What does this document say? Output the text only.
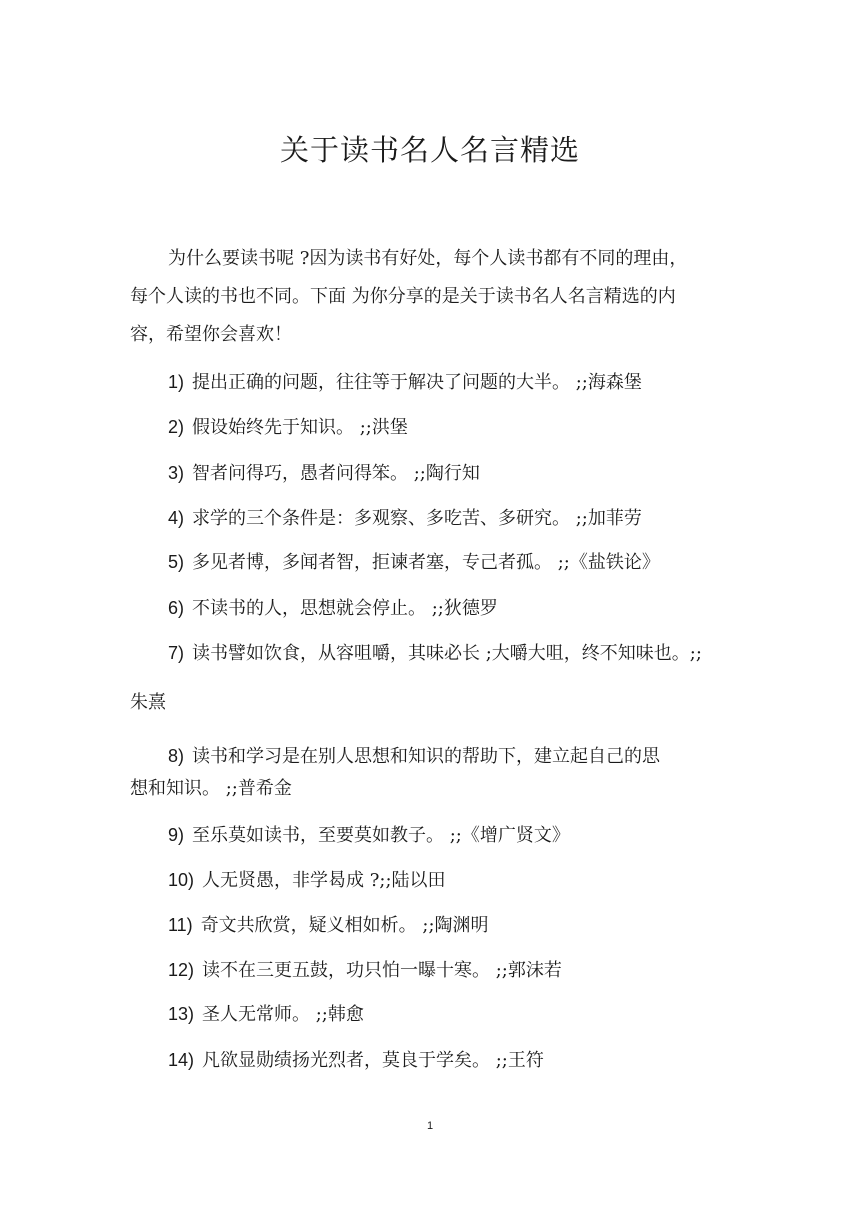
关于读书名人名言精选
为什么要读书呢 ?因为读书有好处，每个人读书都有不同的理由，
每个人读的书也不同。下面 为你分享的是关于读书名人名言精选的内
容，希望你会喜欢！
1) 提出正确的问题，往往等于解决了问题的大半。 ;;海森堡
2) 假设始终先于知识。 ;;洪堡
3) 智者问得巧，愚者问得笨。 ;;陶行知
4) 求学的三个条件是：多观察、多吃苦、多研究。 ;;加菲劳
5) 多见者博，多闻者智，拒谏者塞，专己者孤。 ;;《盐铁论》
6) 不读书的人，思想就会停止。 ;;狄德罗
7) 读书譬如饮食，从容咀嚼，其味必长 ;大嚼大咀，终不知味也。;;
朱熹
8) 读书和学习是在别人思想和知识的帮助下，建立起自己的思
想和知识。 ;;普希金
9) 至乐莫如读书，至要莫如教子。 ;;《增广贤文》
10) 人无贤愚，非学曷成 ?;;陆以田
11) 奇文共欣赏，疑义相如析。 ;;陶渊明
12) 读不在三更五鼓，功只怕一曝十寒。 ;;郭沫若
13) 圣人无常师。 ;;韩愈
14) 凡欲显勋绩扬光烈者，莫良于学矣。 ;;王符
1
